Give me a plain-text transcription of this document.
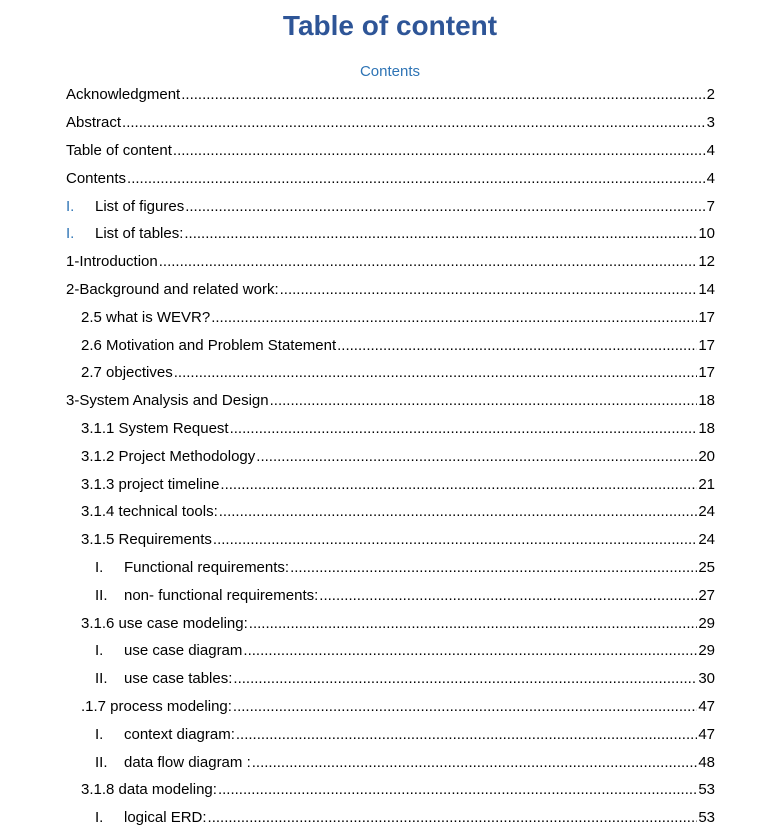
Table of content
Contents
Acknowledgment .....	2
Abstract .....	3
Table of content .....	4
Contents .....	4
I.	List of figures .....	7
I.	List of tables: .....	10
1-Introduction .....	12
2-Background and related work: .....	14
2.5 what is WEVR? .....	17
2.6 Motivation and Problem Statement .....	17
2.7 objectives .....	17
3-System Analysis and Design .....	18
3.1.1 System Request .....	18
3.1.2 Project Methodology .....	20
3.1.3 project timeline .....	21
3.1.4 technical tools: .....	24
3.1.5 Requirements .....	24
I.	Functional requirements: .....	25
II.	non- functional requirements: .....	27
3.1.6 use case modeling: .....	29
I.	use case diagram .....	29
II.	use case tables: .....	30
.1.7 process modeling: .....	47
I.	context diagram: .....	47
II.	data flow diagram : .....	48
3.1.8 data modeling: .....	53
I.	logical ERD: .....	53
